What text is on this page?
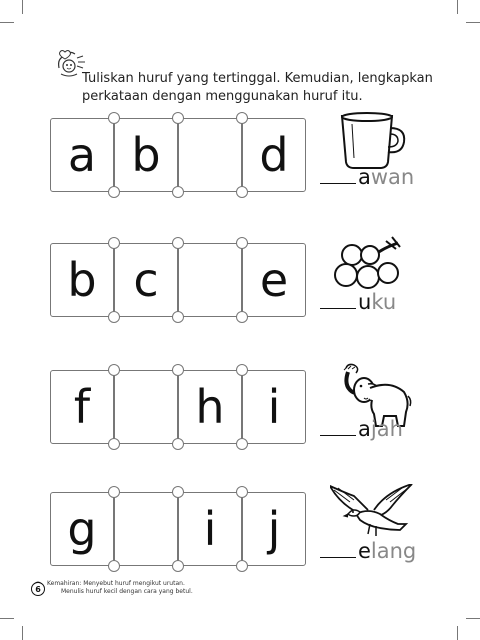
Tuliskan huruf yang tertinggal. Kemudian, lengkapkan
perkataan dengan menggunakan huruf itu.
a b d	awan
b c e	uku
f h i	ajah
g i j	elang
6
Kemahiran: Menyebut huruf mengikut urutan.
Menulis huruf kecil dengan cara yang betul.
